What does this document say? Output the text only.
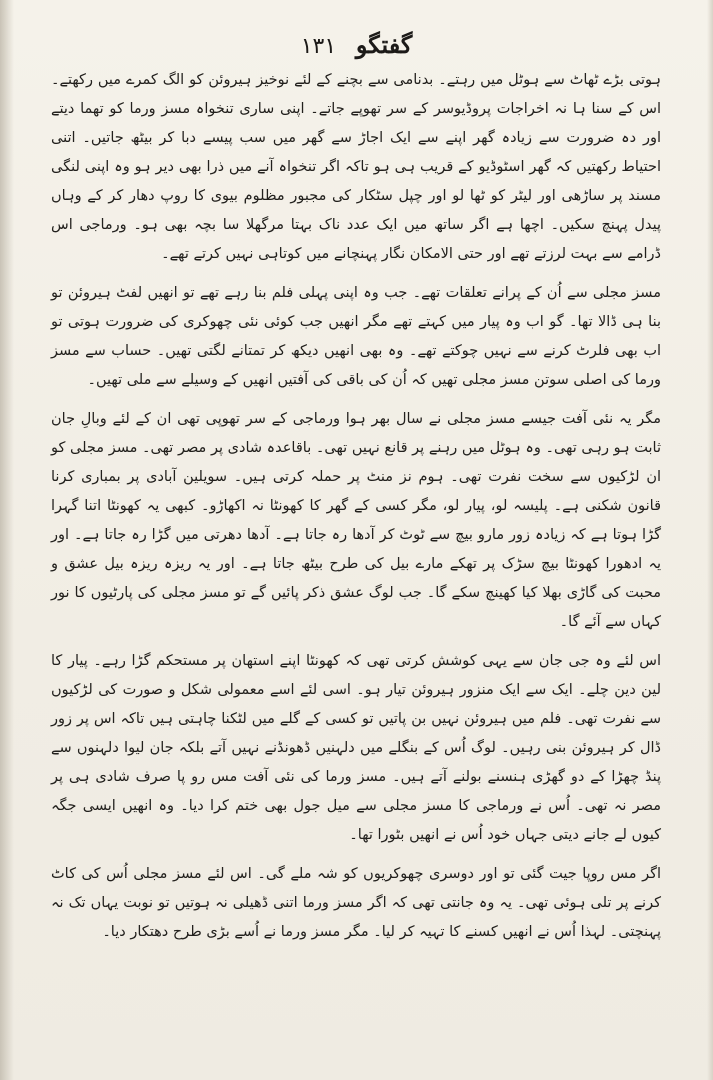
گفتگو ۱۳۱

ہوتی بڑے ٹھاٹ سے ہوٹل میں رہتے۔ بدنامی سے بچنے کے لئے نوخیز ہیروئن کو الگ کمرے میں رکھتے۔ اس کے سنا ہا نہ اخراجات پروڈیوسر کے سر تھوپے جاتے۔ اپنی ساری تنخواہ مسز ورما کو تھما دیتے اور دہ ضرورت سے زیادہ گھر اپنے سے ایک اجاڑ سے گھر میں سب پیسے دبا کر بیٹھ جاتیں۔ اتنی احتیاط رکھتیں کہ گھر اسٹوڈیو کے قریب ہی ہو تاکہ اگر تنخواہ آنے میں ذرا بھی دیر ہو وہ اپنی لنگی مسند پر ساڑھی اور لیٹر کو ٹھا لو اور چپل سٹکار کی مجبور مظلوم بیوی کا روپ دھار کر کے وہاں پیدل پہنچ سکیں۔ اچھا ہے اگر ساتھ میں ایک عدد ناک بہتا مرگھلا سا بچہ بھی ہو۔ ورماجی اس ڈرامے سے بہت لرزتے تھے اور حتی الامکان نگار پہنچانے میں کوتاہی نہیں کرتے تھے۔

مسز مجلی سے اُن کے پرانے تعلقات تھے۔ جب وہ اپنی پہلی فلم بنا رہے تھے تو انھیں لفٹ ہیروئن تو بنا ہی ڈالا تھا۔ گو اب وہ پیار میں کہتے تھے مگر انھیں جب کوئی نئی چھوکری کی ضرورت ہوتی تو اب بھی فلرٹ کرنے سے نہیں چوکتے تھے۔ وہ بھی انھیں دیکھ کر تمتانے لگتی تھیں۔ حساب سے مسز ورما کی اصلی سوتن مسز مجلی تھیں کہ اُن کی باقی کی آفتیں انھیں کے وسیلے سے ملی تھیں۔

مگر یہ نئی آفت جیسے مسز مجلی نے سال بھر ہوا ورماجی کے سر تھوپی تھی ان کے لئے وبالِ جان ثابت ہو رہی تھی۔ وہ ہوٹل میں رہنے پر قانع نہیں تھی۔ باقاعدہ شادی پر مصر تھی۔ مسز مجلی کو ان لڑکیوں سے سخت نفرت تھی۔ ہوم نز منٹ پر حملہ کرتی ہیں۔ سویلین آبادی پر بمباری کرنا قانون شکنی ہے۔ پلیسہ لو، پیار لو، مگر کسی کے گھر کا کھونٹا نہ اکھاڑو۔ کبھی یہ کھونٹا اتنا گہرا گڑا ہوتا ہے کہ زیادہ زور مارو بیچ سے ٹوٹ کر آدھا رہ جاتا ہے۔ آدھا دھرتی میں گڑا رہ جاتا ہے۔ اور یہ ادھورا کھونٹا بیچ سڑک پر تھکے مارے بیل کی طرح بیٹھ جاتا ہے۔ اور یہ ریزہ ریزہ بیل عشق و محبت کی گاڑی بھلا کیا کھینچ سکے گا۔ جب لوگ عشق ذکر پائیں گے تو مسز مجلی کی پارٹیوں کا نور کہاں سے آئے گا۔

اس لئے وہ جی جان سے یہی کوشش کرتی تھی کہ کھونٹا اپنے استھان پر مستحکم گڑا رہے۔ پیار کا لین دین چلے۔ ایک سے ایک منزور ہیروئن تیار ہو۔ اسی لئے اسے معمولی شکل و صورت کی لڑکیوں سے نفرت تھی۔ فلم میں ہیروئن نہیں بن پاتیں تو کسی کے گلے میں لٹکنا چاہتی ہیں تاکہ اس پر زور ڈال کر ہیروئن بنی رہیں۔ لوگ اُس کے بنگلے میں دلہنیں ڈھونڈنے نہیں آتے بلکہ جان لیوا دلہنوں سے پنڈ چھڑا کے دو گھڑی ہنسنے بولنے آتے ہیں۔ مسز ورما کی نئی آفت مس رو پا صرف شادی ہی پر مصر نہ تھی۔ اُس نے ورماجی کا مسز مجلی سے میل جول بھی ختم کرا دیا۔ وہ انھیں ایسی جگہ کیوں لے جانے دیتی جہاں خود اُس نے انھیں بٹورا تھا۔

اگر مس روپا جیت گئی تو اور دوسری چھوکریوں کو شہ ملے گی۔ اس لئے مسز مجلی اُس کی کاٹ کرنے پر تلی ہوئی تھی۔ یہ وہ جانتی تھی کہ اگر مسز ورما اتنی ڈھیلی نہ ہوتیں تو نوبت یہاں تک نہ پہنچتی۔ لہذا اُس نے انھیں کسنے کا تہیہ کر لیا۔ مگر مسز ورما نے اُسے بڑی طرح دھتکار دیا۔
